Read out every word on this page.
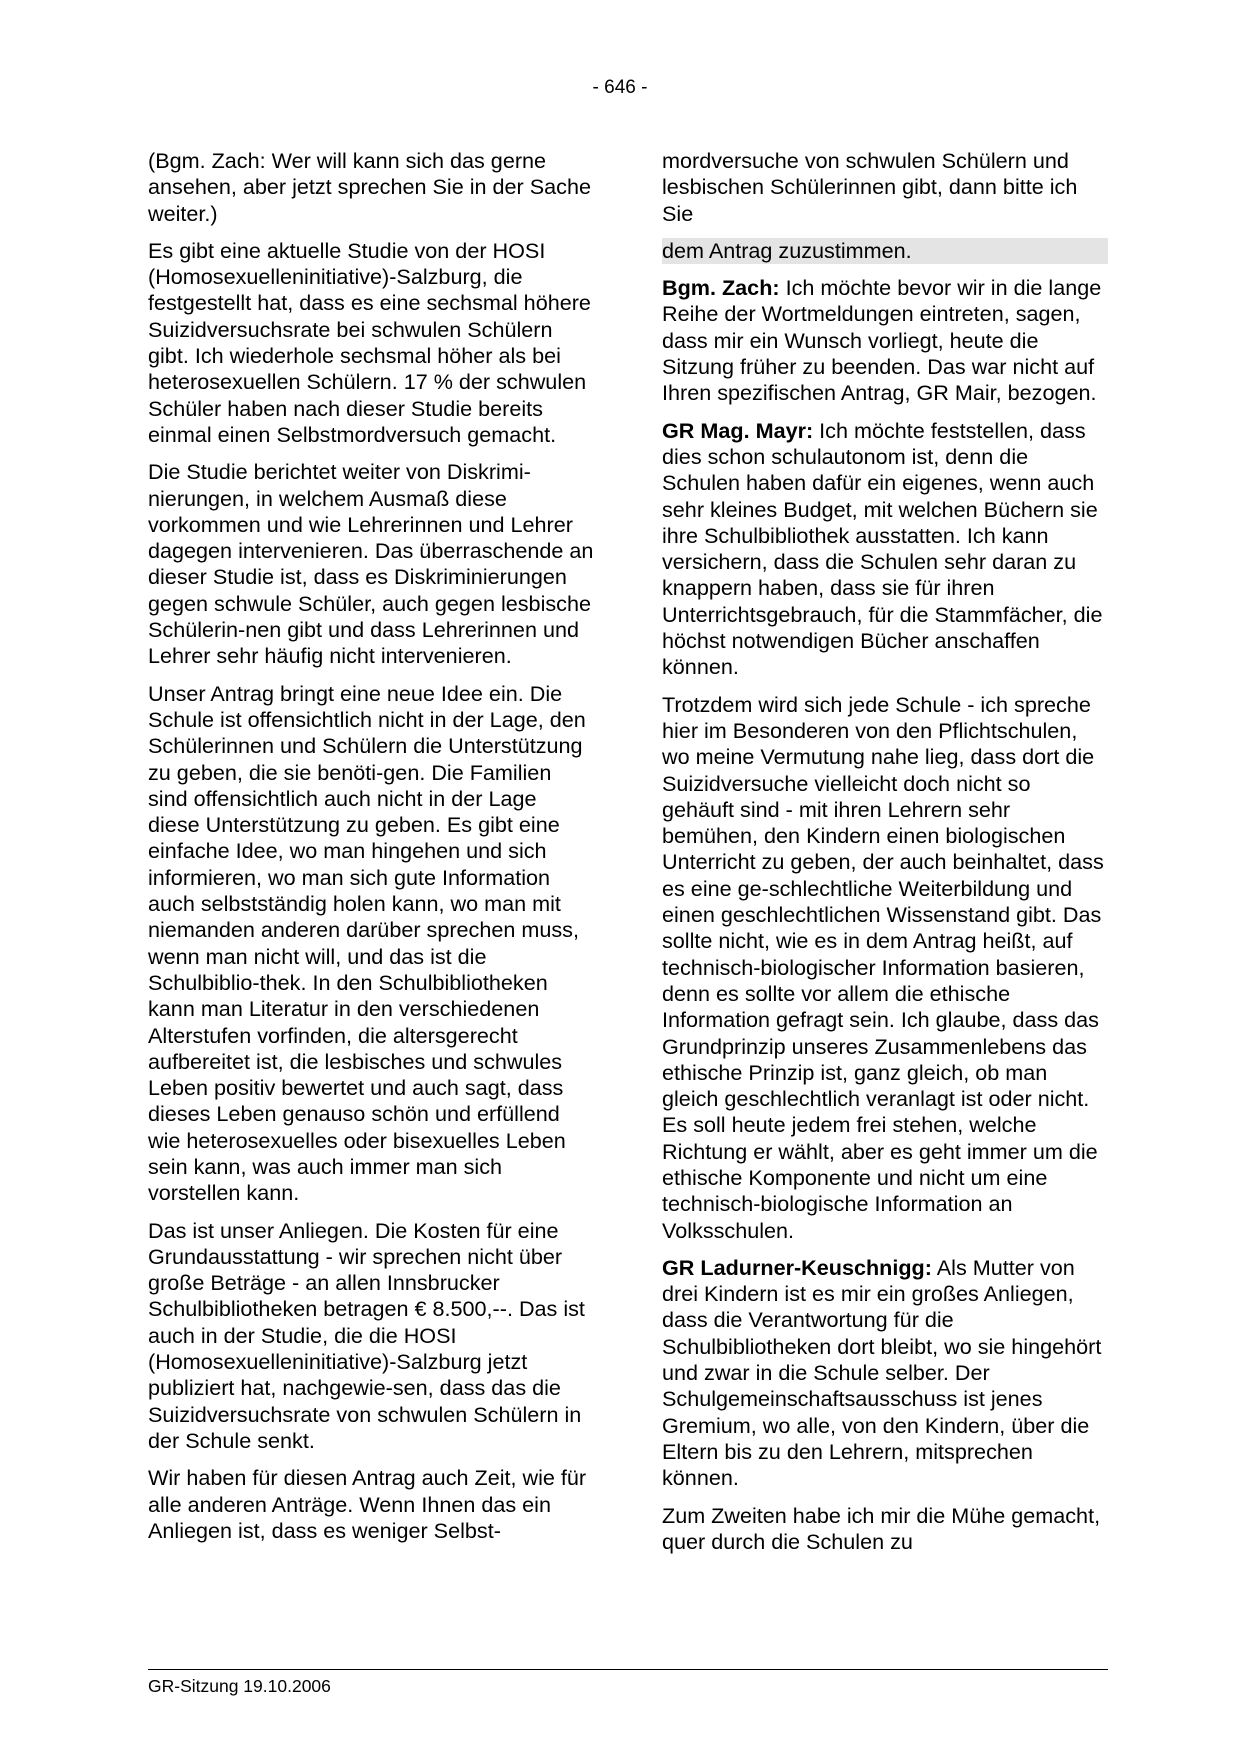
- 646 -

(Bgm. Zach: Wer will kann sich das gerne ansehen, aber jetzt sprechen Sie in der Sache weiter.)

Es gibt eine aktuelle Studie von der HOSI (Homosexuelleninitiative)-Salzburg, die festgestellt hat, dass es eine sechsmal höhere Suizidversuchsrate bei schwulen Schülern gibt. Ich wiederhole sechsmal höher als bei heterosexuellen Schülern. 17 % der schwulen Schüler haben nach dieser Studie bereits einmal einen Selbstmordversuch gemacht.

Die Studie berichtet weiter von Diskrimi-nierungen, in welchem Ausmaß diese vorkommen und wie Lehrerinnen und Lehrer dagegen intervenieren. Das überraschende an dieser Studie ist, dass es Diskriminierungen gegen schwule Schüler, auch gegen lesbische Schülerin-nen gibt und dass Lehrerinnen und Lehrer sehr häufig nicht intervenieren.

Unser Antrag bringt eine neue Idee ein. Die Schule ist offensichtlich nicht in der Lage, den Schülerinnen und Schülern die Unterstützung zu geben, die sie benöti-gen. Die Familien sind offensichtlich auch nicht in der Lage diese Unterstützung zu geben. Es gibt eine einfache Idee, wo man hingehen und sich informieren, wo man sich gute Information auch selbstständig holen kann, wo man mit niemanden anderen darüber sprechen muss, wenn man nicht will, und das ist die Schulbiblio-thek. In den Schulbibliotheken kann man Literatur in den verschiedenen Alterstufen vorfinden, die altersgerecht aufbereitet ist, die lesbisches und schwules Leben positiv bewertet und auch sagt, dass dieses Leben genauso schön und erfüllend wie heterosexuelles oder bisexuelles Leben sein kann, was auch immer man sich vorstellen kann.

Das ist unser Anliegen. Die Kosten für eine Grundausstattung - wir sprechen nicht über große Beträge - an allen Innsbrucker Schulbibliotheken betragen € 8.500,--. Das ist auch in der Studie, die die HOSI (Homosexuelleninitiative)-Salzburg jetzt publiziert hat, nachgewie-sen, dass das die Suizidversuchsrate von schwulen Schülern in der Schule senkt.

Wir haben für diesen Antrag auch Zeit, wie für alle anderen Anträge. Wenn Ihnen das ein Anliegen ist, dass es weniger Selbst-

mordversuche von schwulen Schülern und lesbischen Schülerinnen gibt, dann bitte ich Sie

dem Antrag zuzustimmen.

Bgm. Zach: Ich möchte bevor wir in die lange Reihe der Wortmeldungen eintreten, sagen, dass mir ein Wunsch vorliegt, heute die Sitzung früher zu beenden. Das war nicht auf Ihren spezifischen Antrag, GR Mair, bezogen.

GR Mag. Mayr: Ich möchte feststellen, dass dies schon schulautonom ist, denn die Schulen haben dafür ein eigenes, wenn auch sehr kleines Budget, mit welchen Büchern sie ihre Schulbibliothek ausstatten. Ich kann versichern, dass die Schulen sehr daran zu knappern haben, dass sie für ihren Unterrichtsgebrauch, für die Stammfächer, die höchst notwendigen Bücher anschaffen können.

Trotzdem wird sich jede Schule - ich spreche hier im Besonderen von den Pflichtschulen, wo meine Vermutung nahe lieg, dass dort die Suizidversuche vielleicht doch nicht so gehäuft sind - mit ihren Lehrern sehr bemühen, den Kindern einen biologischen Unterricht zu geben, der auch beinhaltet, dass es eine ge-schlechtliche Weiterbildung und einen geschlechtlichen Wissenstand gibt. Das sollte nicht, wie es in dem Antrag heißt, auf technisch-biologischer Information basieren, denn es sollte vor allem die ethische Information gefragt sein. Ich glaube, dass das Grundprinzip unseres Zusammenlebens das ethische Prinzip ist, ganz gleich, ob man gleich geschlechtlich veranlagt ist oder nicht. Es soll heute jedem frei stehen, welche Richtung er wählt, aber es geht immer um die ethische Komponente und nicht um eine technisch-biologische Information an Volksschulen.

GR Ladurner-Keuschnigg: Als Mutter von drei Kindern ist es mir ein großes Anliegen, dass die Verantwortung für die Schulbibliotheken dort bleibt, wo sie hingehört und zwar in die Schule selber. Der Schulgemeinschaftsausschuss ist jenes Gremium, wo alle, von den Kindern, über die Eltern bis zu den Lehrern, mitsprechen können.

Zum Zweiten habe ich mir die Mühe gemacht, quer durch die Schulen zu

GR-Sitzung 19.10.2006
